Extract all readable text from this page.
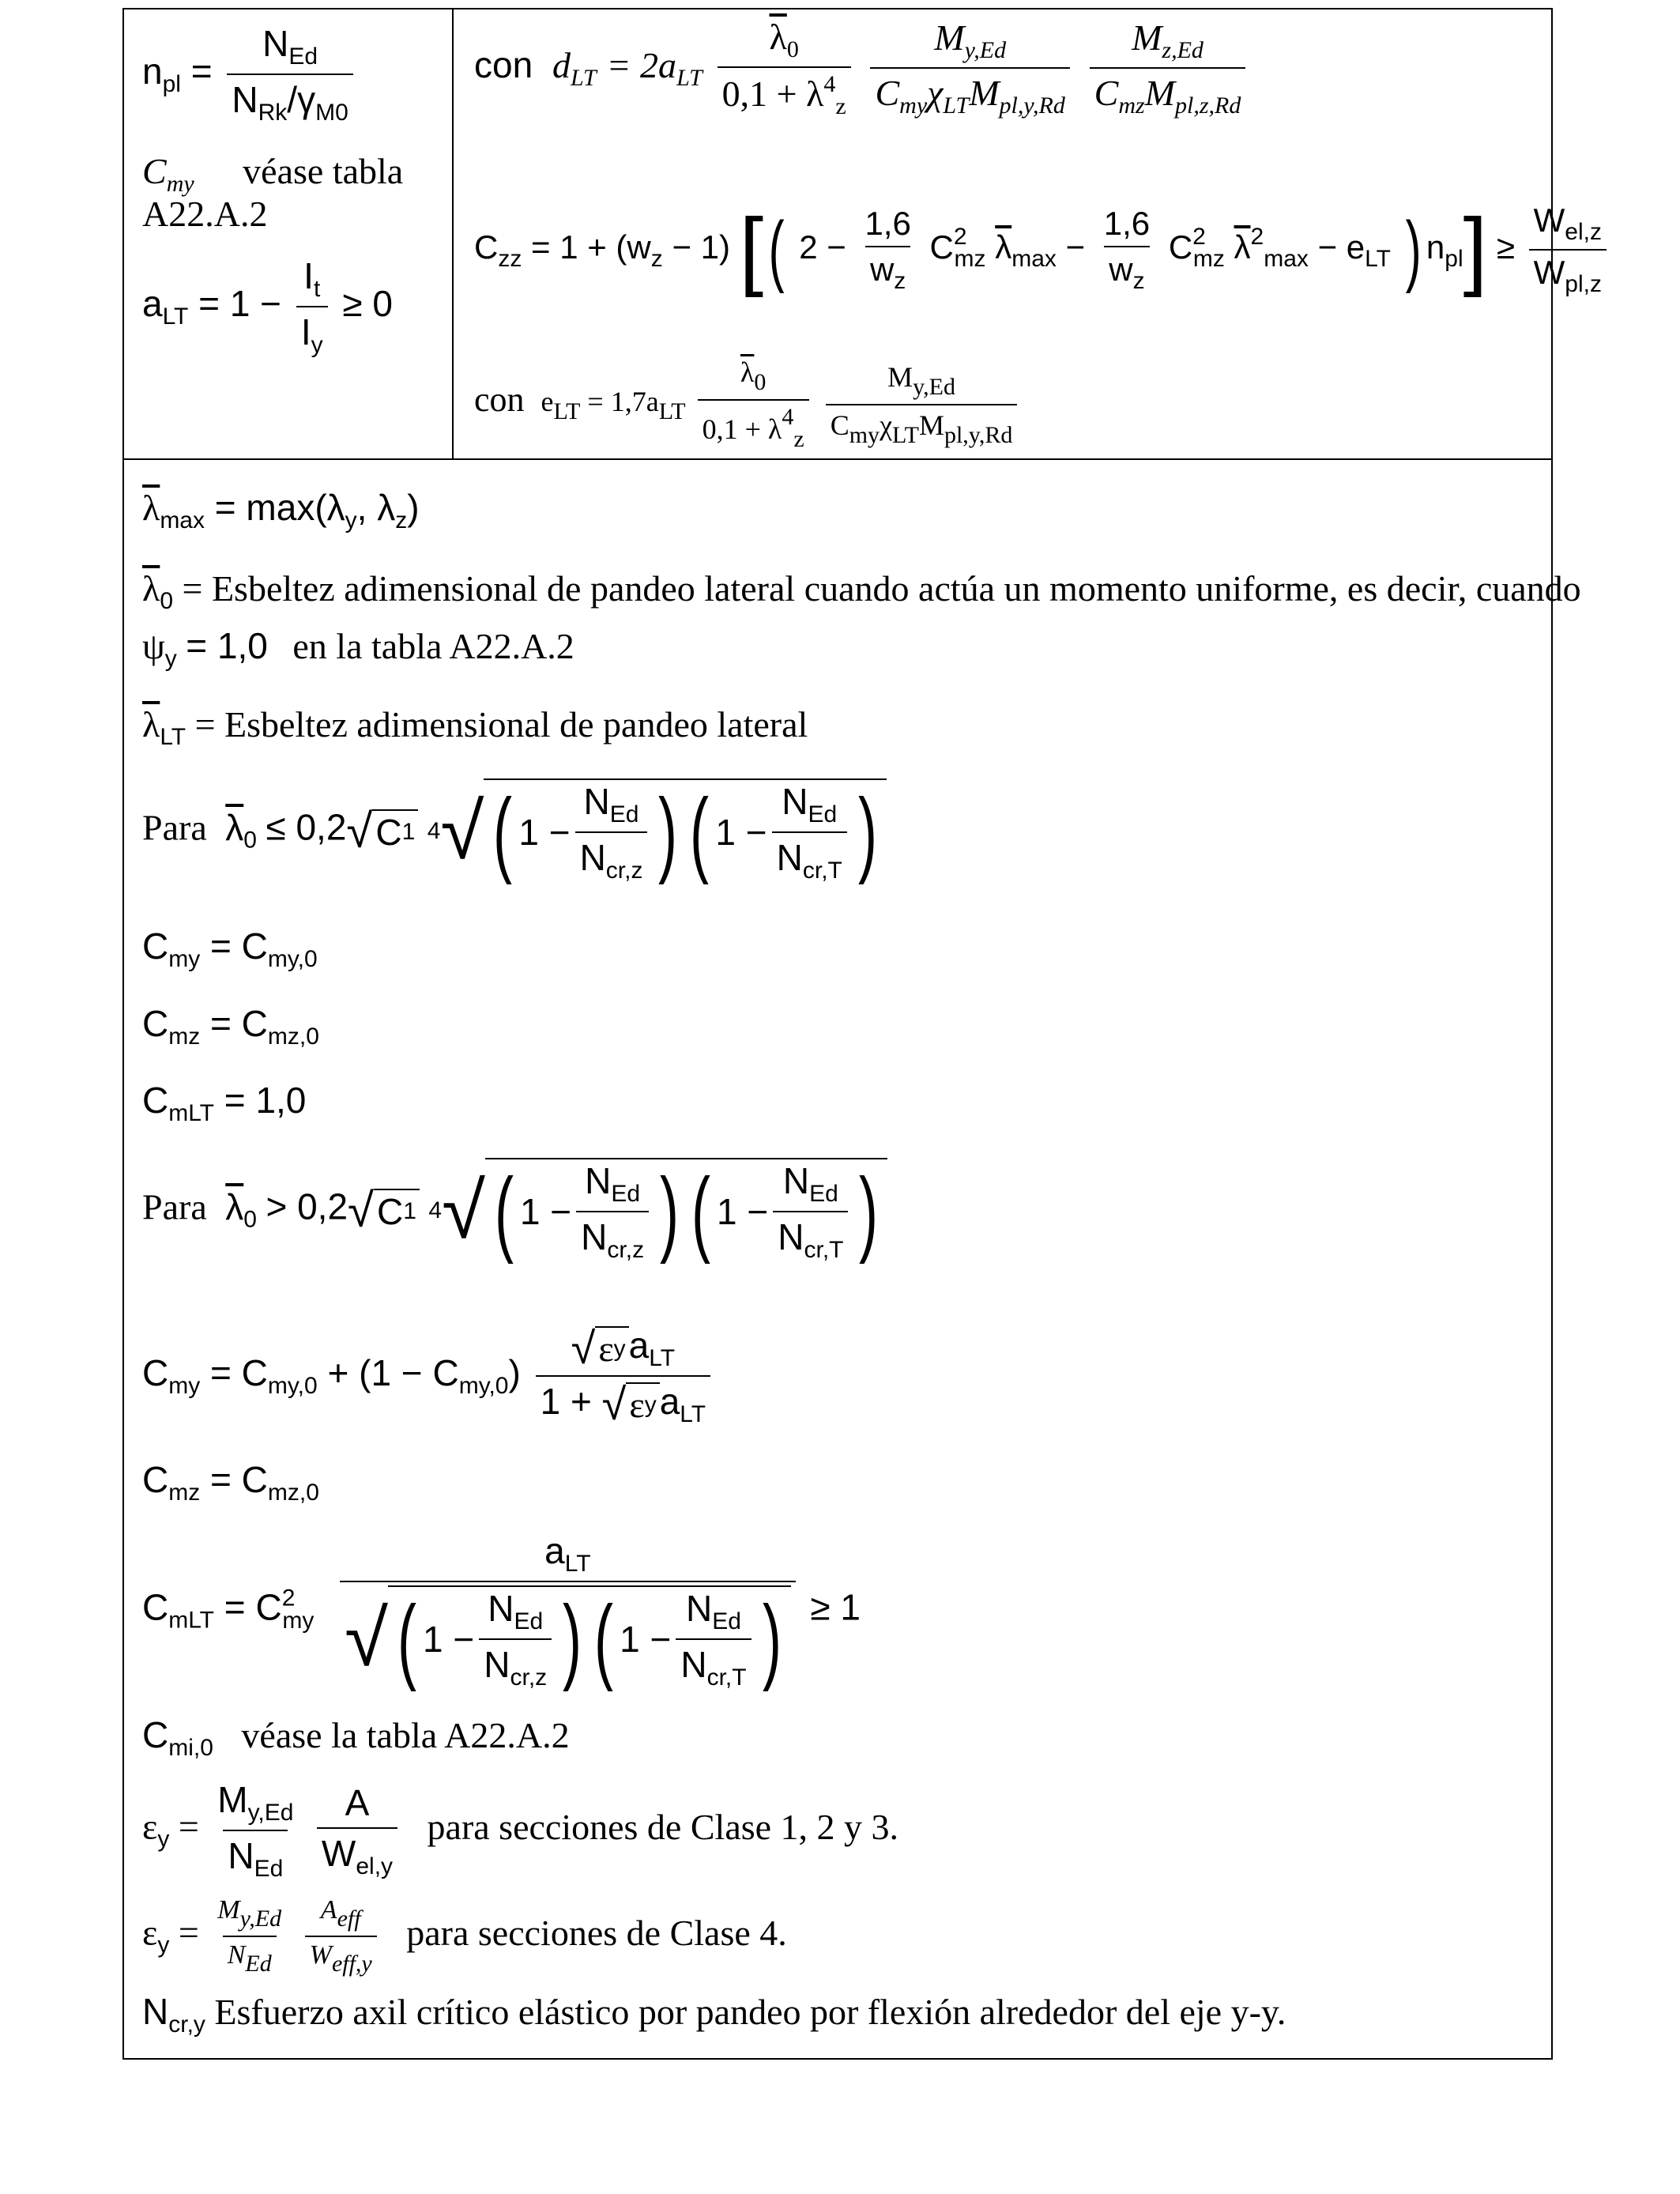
$n_{pl} = \frac{N_{Ed}}{N_{Rk}/\gamma_{M0}}$
$C_{my}$ véase tabla
A22.A.2
$a_{LT} = 1 - \frac{I_t}{I_y} \ge 0$
con $d_{LT} = 2a_{LT} \frac{\overline{\lambda}_0}{0,1 + \lambda^4_z}$
$\frac{M_{y,Ed}}{C_{my}\chi_{LT}M_{pl,y,Rd}}$
$\frac{M_{z,Ed}}{C_{mz}M_{pl,z,Rd}}$
$C_{zz} = 1 + (w_z - 1)$ [( $2 - \frac{1,6}{w_z} C^2_{mz}$ $\overline{\lambda}_{max} - \frac{1,6}{w_z} C^2_{mz}$ $\overline{\lambda}^2_{max} - e_{LT}$ ) $n_{pl}] \ge \frac{W_{el,z}}{W_{pl,z}}$
con $e_{LT} = 1,7a_{LT} \frac{\overline{\lambda}_0}{0,1 + \lambda^4_z}$
$\frac{M_{y,Ed}}{C_{my}\chi_{LT}M_{pl,y,Rd}}$
$\overline{\lambda}_{max} = \max(\lambda_y$, $\lambda_z$)
$\overline{\lambda}_0$ = Esbeltez adimensional de pandeo lateral cuando actúa un momento uniforme, es decir, cuando
$\psi_y = 1,0$ en la tabla A22.A.2
$\overline{\lambda}_{LT}$ = Esbeltez adimensional de pandeo lateral
Para $\overline{\lambda}_0 \le 0,2$ √ C 1
4 √ ( $1 - \frac{N_{Ed}}{N_{cr,z}}$ ) ( $1 - \frac{N_{Ed}}{N_{cr,T}}$ )
$C_{my} = C_{my,0}$
$C_{mz} = C_{mz,0}$
$C_{mLT} = 1,0$
Para $\overline{\lambda}_0 > 0,2$ √ C 1
4 √ ( $1 - \frac{N_{Ed}}{N_{cr,z}}$ ) ( $1 - \frac{N_{Ed}}{N_{cr,T}}$ )
$C_{my} = C_{my,0} + (1 - C_{my,0}) \frac{√ \varepsilon y a_{LT}}{1 + √ \varepsilon y a_{LT}}$
$C_{mz} = C_{mz,0}$
$C_{mLT} = C^2_{my} \frac{a_{LT}}{√ ( 1 - \frac{N_{Ed}}{N_{cr,z}} ) ( 1 - \frac{N_{Ed}}{N_{cr,T}} )} \ge 1$
$C_{mi,0}$ véase la tabla A22.A.2
$\varepsilon_y = \frac{M_{y,Ed}}{N_{Ed}}$
$\frac{A}{W_{el,y}}$ para secciones de Clase 1, 2 y 3.
$\varepsilon_y = \frac{My,Ed}{\text{NEd}}$
$\frac{\text{Aeff}}{\text{Weff,y}}$ para secciones de Clase 4.
$N_{cr,y}$ Esfuerzo axil crítico elástico por pandeo por flexión alrededor del eje y-y.
